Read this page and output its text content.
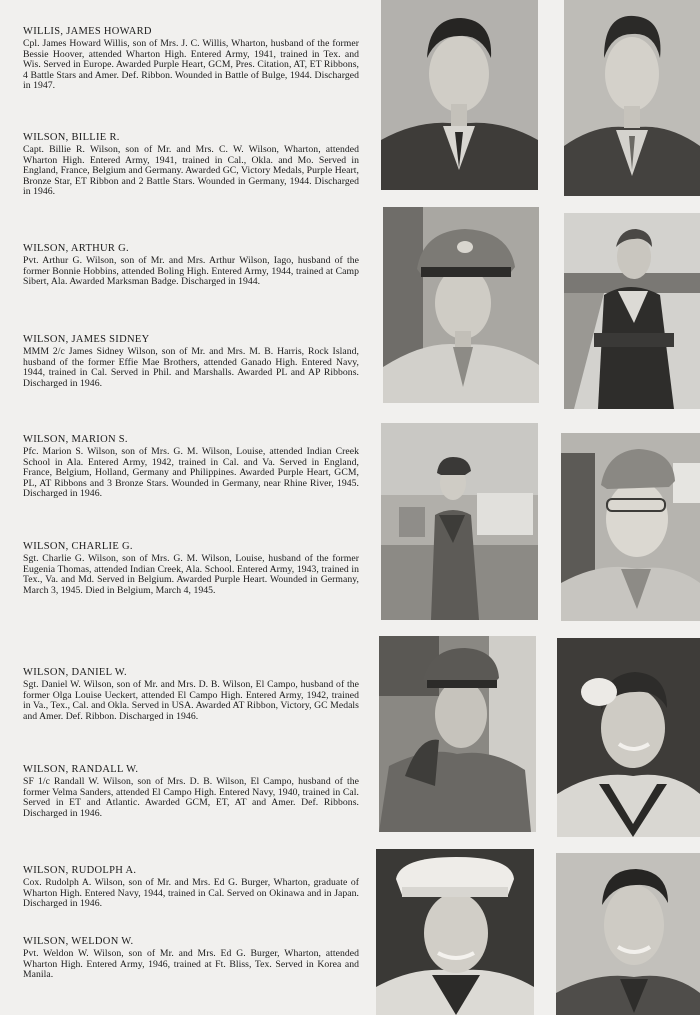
WILLIS, JAMES HOWARD

Cpl. James Howard Willis, son of Mrs. J. C. Willis, Wharton, husband of the former Bessie Hoover, attended Wharton High. Entered Army, 1941, trained in Tex. and Wis. Served in Europe. Awarded Purple Heart, GCM, Pres. Citation, AT, ET Ribbons, 4 Battle Stars and Amer. Def. Ribbon. Wounded in Battle of Bulge, 1944. Discharged in 1947.

WILSON, BILLIE R.

Capt. Billie R. Wilson, son of Mr. and Mrs. C. W. Wilson, Wharton, attended Wharton High. Entered Army, 1941, trained in Cal., Okla. and Mo. Served in England, France, Belgium and Germany. Awarded GC, Victory Medals, Purple Heart, Bronze Star, ET Ribbon and 2 Battle Stars. Wounded in Germany, 1944. Discharged in 1946.

WILSON, ARTHUR G.

Pvt. Arthur G. Wilson, son of Mr. and Mrs. Arthur Wilson, Iago, husband of the former Bonnie Hobbins, attended Boling High. Entered Army, 1944, trained at Camp Sibert, Ala. Awarded Marksman Badge. Discharged in 1944.

WILSON, JAMES SIDNEY

MMM 2/c James Sidney Wilson, son of Mr. and Mrs. M. B. Harris, Rock Island, husband of the former Effie Mae Brothers, attended Ganado High. Entered Navy, 1944, trained in Cal. Served in Phil. and Marshalls. Awarded PL and AP Ribbons. Discharged in 1946.

WILSON, MARION S.

Pfc. Marion S. Wilson, son of Mrs. G. M. Wilson, Louise, attended Indian Creek School in Ala. Entered Army, 1942, trained in Cal. and Va. Served in England, France, Belgium, Holland, Germany and Philippines. Awarded Purple Heart, GCM, PL, AT Ribbons and 3 Bronze Stars. Wounded in Germany, near Rhine River, 1945. Discharged in 1946.

WILSON, CHARLIE G.

Sgt. Charlie G. Wilson, son of Mrs. G. M. Wilson, Louise, husband of the former Eugenia Thomas, attended Indian Creek, Ala. School. Entered Army, 1943, trained in Tex., Va. and Md. Served in Belgium. Awarded Purple Heart. Wounded in Germany, March 3, 1945. Died in Belgium, March 4, 1945.

WILSON, DANIEL W.

Sgt. Daniel W. Wilson, son of Mr. and Mrs. D. B. Wilson, El Campo, husband of the former Olga Louise Ueckert, attended El Campo High. Entered Army, 1942, trained in Va., Tex., Cal. and Okla. Served in USA. Awarded AT Ribbon, Victory, GC Medals and Amer. Def. Ribbon. Discharged in 1946.

WILSON, RANDALL W.

SF 1/c Randall W. Wilson, son of Mrs. D. B. Wilson, El Campo, husband of the former Velma Sanders, attended El Campo High. Entered Navy, 1940, trained in Cal. Served in ET and Atlantic. Awarded GCM, ET, AT and Amer. Def. Ribbons. Discharged in 1946.

WILSON, RUDOLPH A.

Cox. Rudolph A. Wilson, son of Mr. and Mrs. Ed G. Burger, Wharton, graduate of Wharton High. Entered Navy, 1944, trained in Cal. Served on Okinawa and in Japan. Discharged in 1946.

WILSON, WELDON W.

Pvt. Weldon W. Wilson, son of Mr. and Mrs. Ed G. Burger, Wharton, attended Wharton High. Entered Army, 1946, trained at Ft. Bliss, Tex. Served in Korea and Manila.
